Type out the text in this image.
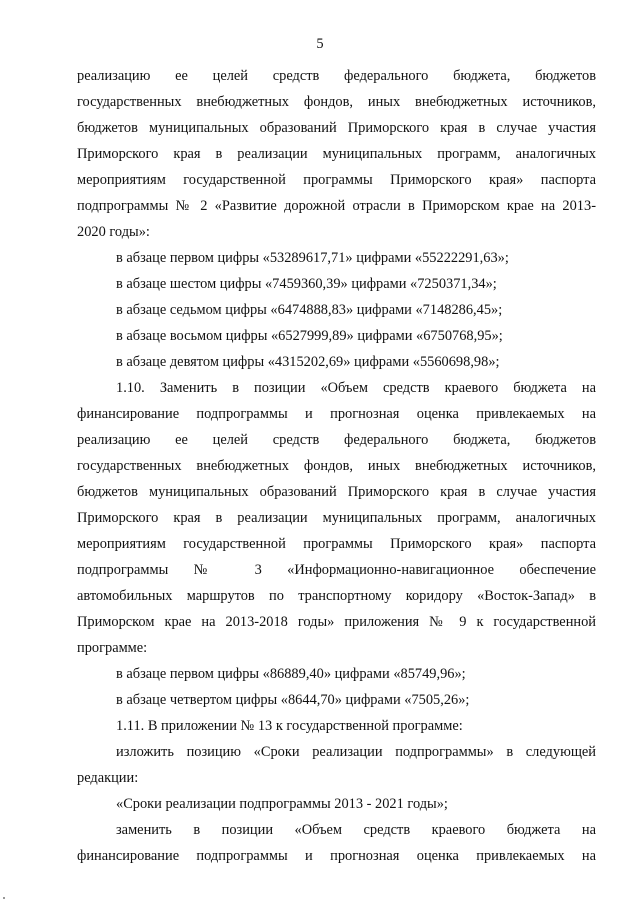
5
реализацию ее целей средств федерального бюджета, бюджетов
государственных внебюджетных фондов, иных внебюджетных источников,
бюджетов муниципальных образований Приморского края в случае участия
Приморского края в реализации муниципальных программ, аналогичных
мероприятиям государственной программы Приморского края» паспорта
подпрограммы № 2 «Развитие дорожной отрасли в Приморском крае на 2013-
2020 годы»:
в абзаце первом цифры «53289617,71» цифрами «55222291,63»;
в абзаце шестом цифры «7459360,39» цифрами «7250371,34»;
в абзаце седьмом цифры «6474888,83» цифрами «7148286,45»;
в абзаце восьмом цифры «6527999,89» цифрами «6750768,95»;
в абзаце девятом цифры «4315202,69» цифрами «5560698,98»;
1.10. Заменить в позиции «Объем средств краевого бюджета на
финансирование подпрограммы и прогнозная оценка привлекаемых на
реализацию ее целей средств федерального бюджета, бюджетов
государственных внебюджетных фондов, иных внебюджетных источников,
бюджетов муниципальных образований Приморского края в случае участия
Приморского края в реализации муниципальных программ, аналогичных
мероприятиям государственной программы Приморского края» паспорта
подпрограммы № 3 «Информационно-навигационное обеспечение
автомобильных маршрутов по транспортному коридору «Восток-Запад» в
Приморском крае на 2013-2018 годы» приложения № 9 к государственной
программе:
в абзаце первом цифры «86889,40» цифрами «85749,96»;
в абзаце четвертом цифры «8644,70» цифрами «7505,26»;
1.11. В приложении № 13 к государственной программе:
изложить позицию «Сроки реализации подпрограммы» в следующей
редакции:
«Сроки реализации подпрограммы 2013 - 2021 годы»;
заменить в позиции «Объем средств краевого бюджета на
финансирование подпрограммы и прогнозная оценка привлекаемых на
